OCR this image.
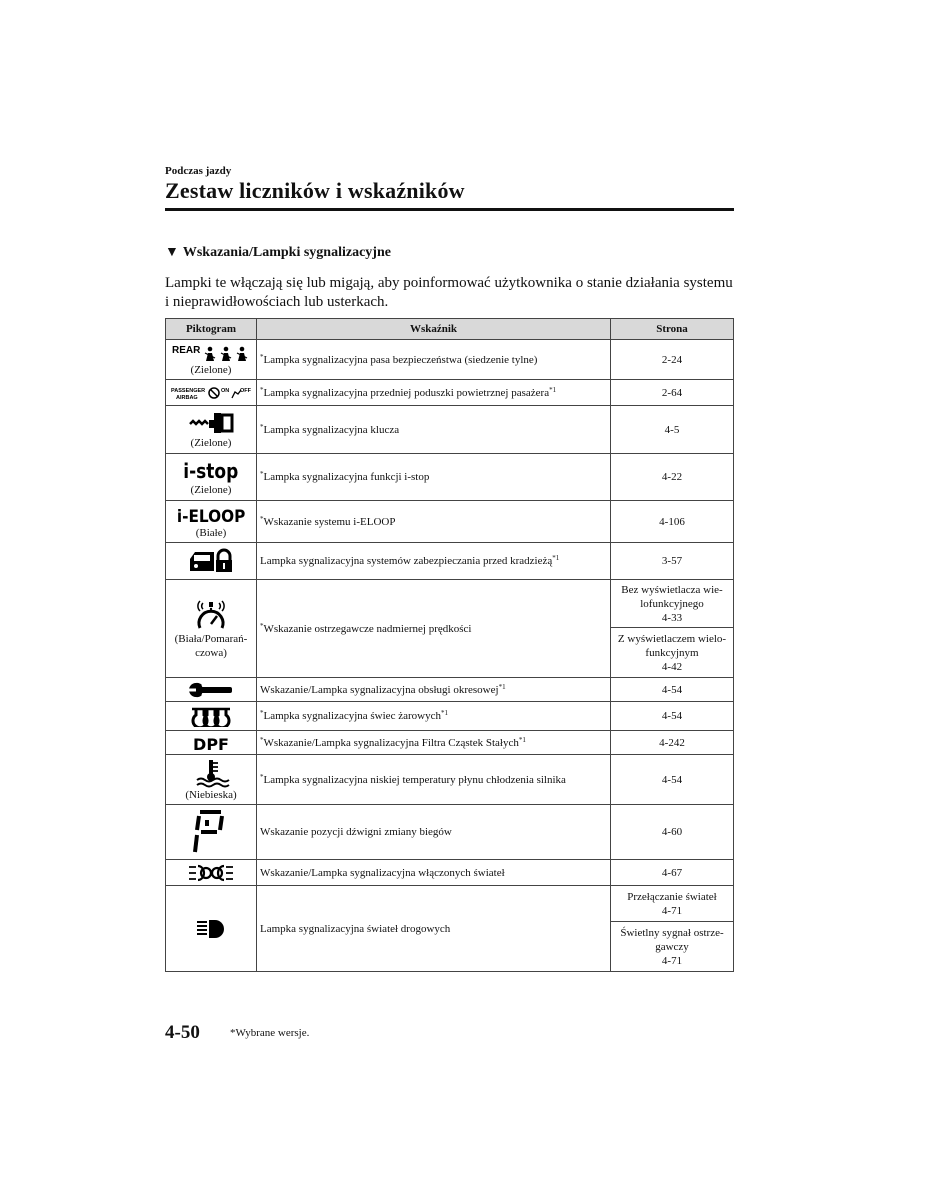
Podczas jazdy
Zestaw liczników i wskaźników
▼ Wskazania/Lampki sygnalizacyjne
Lampki te włączają się lub migają, aby poinformować użytkownika o stanie działania systemu i nieprawidłowościach lub usterkach.
Piktogram	Wskaźnik	Strona

REAR
(Zielone)	*Lampka sygnalizacyjna pasa bezpieczeństwa (siedzenie tylne)	2-24

PASSENGER
AIRBAG
ON OFF	*Lampka sygnalizacyjna przedniej poduszki powietrznej pasażera$^{*1}$	2-64

(Zielone)	*Lampka sygnalizacyjna klucza	4-5

i-stop
(Zielone)	*Lampka sygnalizacyjna funkcji i-stop	4-22

i-ELOOP
(Białe)	*Wskazanie systemu i-ELOOP	4-106

	Lampka sygnalizacyjna systemów zabezpieczania przed kradzieżą$^{*1}$	3-57

(Biała/Pomarań-czowa)	*Wskazanie ostrzegawcze nadmiernej prędkości	Bez wyświetlacza wie-lofunkcyjnego
4-33
		Z wyświetlaczem wielo-funkcyjnym
4-42

	Wskazanie/Lampka sygnalizacyjna obsługi okresowej$^{*1}$	4-54

	*Lampka sygnalizacyjna świec żarowych$^{*1}$	4-54

DPF	*Wskazanie/Lampka sygnalizacyjna Filtra Cząstek Stałych$^{*1}$	4-242

(Niebieska)	*Lampka sygnalizacyjna niskiej temperatury płynu chłodzenia silnika	4-54

	Wskazanie pozycji dźwigni zmiany biegów	4-60

	Wskazanie/Lampka sygnalizacyjna włączonych świateł	4-67

	Lampka sygnalizacyjna świateł drogowych	Przełączanie świateł
4-71
		Świetlny sygnał ostrze-gawczy
4-71
4-50	*Wybrane wersje.
